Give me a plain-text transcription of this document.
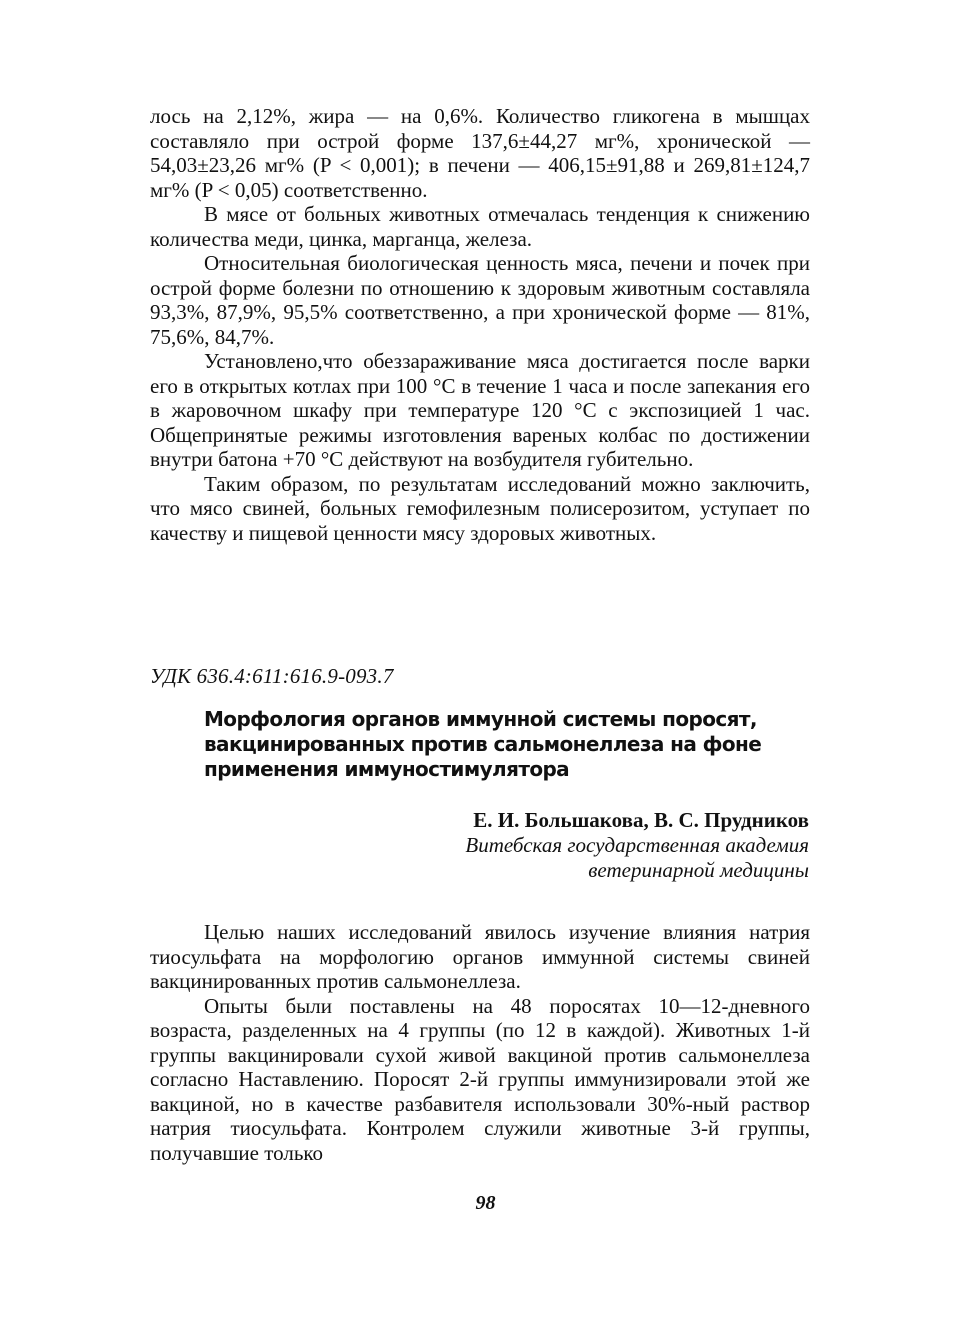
лось на 2,12%, жира — на 0,6%. Количество гликогена в мышцах составляло при острой форме 137,6±44,27 мг%, хронической — 54,03±23,26 мг% (P < 0,001); в печени — 406,15±91,88 и 269,81±124,7 мг% (P < 0,05) соответственно.

В мясе от больных животных отмечалась тенденция к снижению количества меди, цинка, марганца, железа.

Относительная биологическая ценность мяса, печени и почек при острой форме болезни по отношению к здоровым животным составляла 93,3%, 87,9%, 95,5% соответственно, а при хронической форме — 81%, 75,6%, 84,7%.

Установлено,что обеззараживание мяса достигается после варки его в открытых котлах при 100 °С в течение 1 часа и после запекания его в жаровочном шкафу при температуре 120 °С с экспозицией 1 час. Общепринятые режимы изготовления вареных колбас по достижении внутри батона +70 °С действуют на возбудителя губительно.

Таким образом, по результатам исследований можно заключить, что мясо свиней, больных гемофилезным полисерозитом, уступает по качеству и пищевой ценности мясу здоровых животных.

УДК 636.4:611:616.9-093.7
Морфология органов иммунной системы поросят, вакцинированных против сальмонеллеза на фоне применения иммуностимулятора
Е. И. Большакова, В. С. Прудников
Витебская государственная академия
ветеринарной медицины

Целью наших исследований явилось изучение влияния натрия тиосульфата на морфологию органов иммунной системы свиней вакцинированных против сальмонеллеза.

Опыты были поставлены на 48 поросятах 10—12-дневного возраста, разделенных на 4 группы (по 12 в каждой). Животных 1-й группы вакцинировали сухой живой вакциной против сальмонеллеза согласно Наставлению. Поросят 2-й группы иммунизировали этой же вакциной, но в качестве разбавителя использовали 30%-ный раствор натрия тиосульфата. Контролем служили животные 3-й группы, получавшие только

98
